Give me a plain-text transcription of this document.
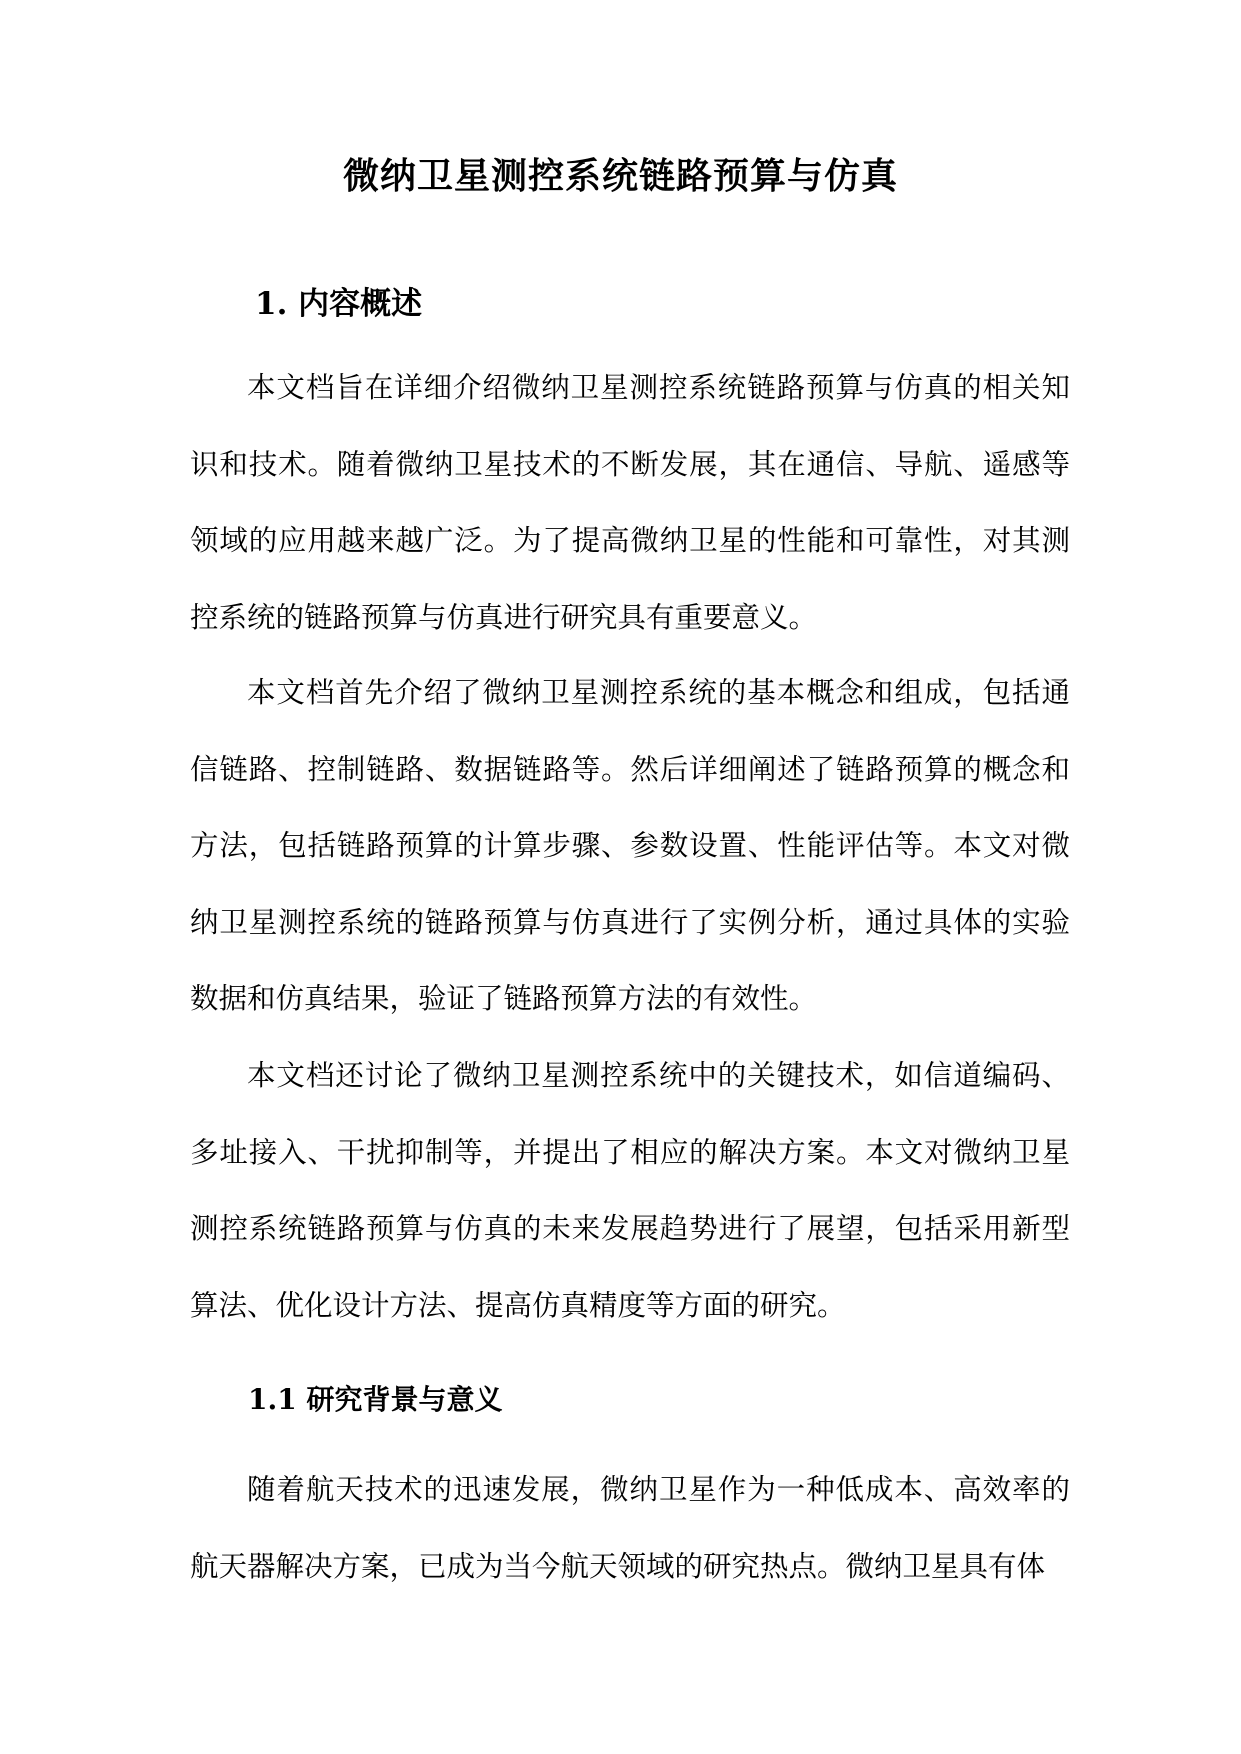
微纳卫星测控系统链路预算与仿真
1. 内容概述

本文档旨在详细介绍微纳卫星测控系统链路预算与仿真的相关知识和技术。随着微纳卫星技术的不断发展，其在通信、导航、遥感等领域的应用越来越广泛。为了提高微纳卫星的性能和可靠性，对其测控系统的链路预算与仿真进行研究具有重要意义。

本文档首先介绍了微纳卫星测控系统的基本概念和组成，包括通信链路、控制链路、数据链路等。然后详细阐述了链路预算的概念和方法，包括链路预算的计算步骤、参数设置、性能评估等。本文对微纳卫星测控系统的链路预算与仿真进行了实例分析，通过具体的实验数据和仿真结果，验证了链路预算方法的有效性。

本文档还讨论了微纳卫星测控系统中的关键技术，如信道编码、多址接入、干扰抑制等，并提出了相应的解决方案。本文对微纳卫星测控系统链路预算与仿真的未来发展趋势进行了展望，包括采用新型算法、优化设计方法、提高仿真精度等方面的研究。

1.1 研究背景与意义

随着航天技术的迅速发展，微纳卫星作为一种低成本、高效率的航天器解决方案，已成为当今航天领域的研究热点。微纳卫星具有体
